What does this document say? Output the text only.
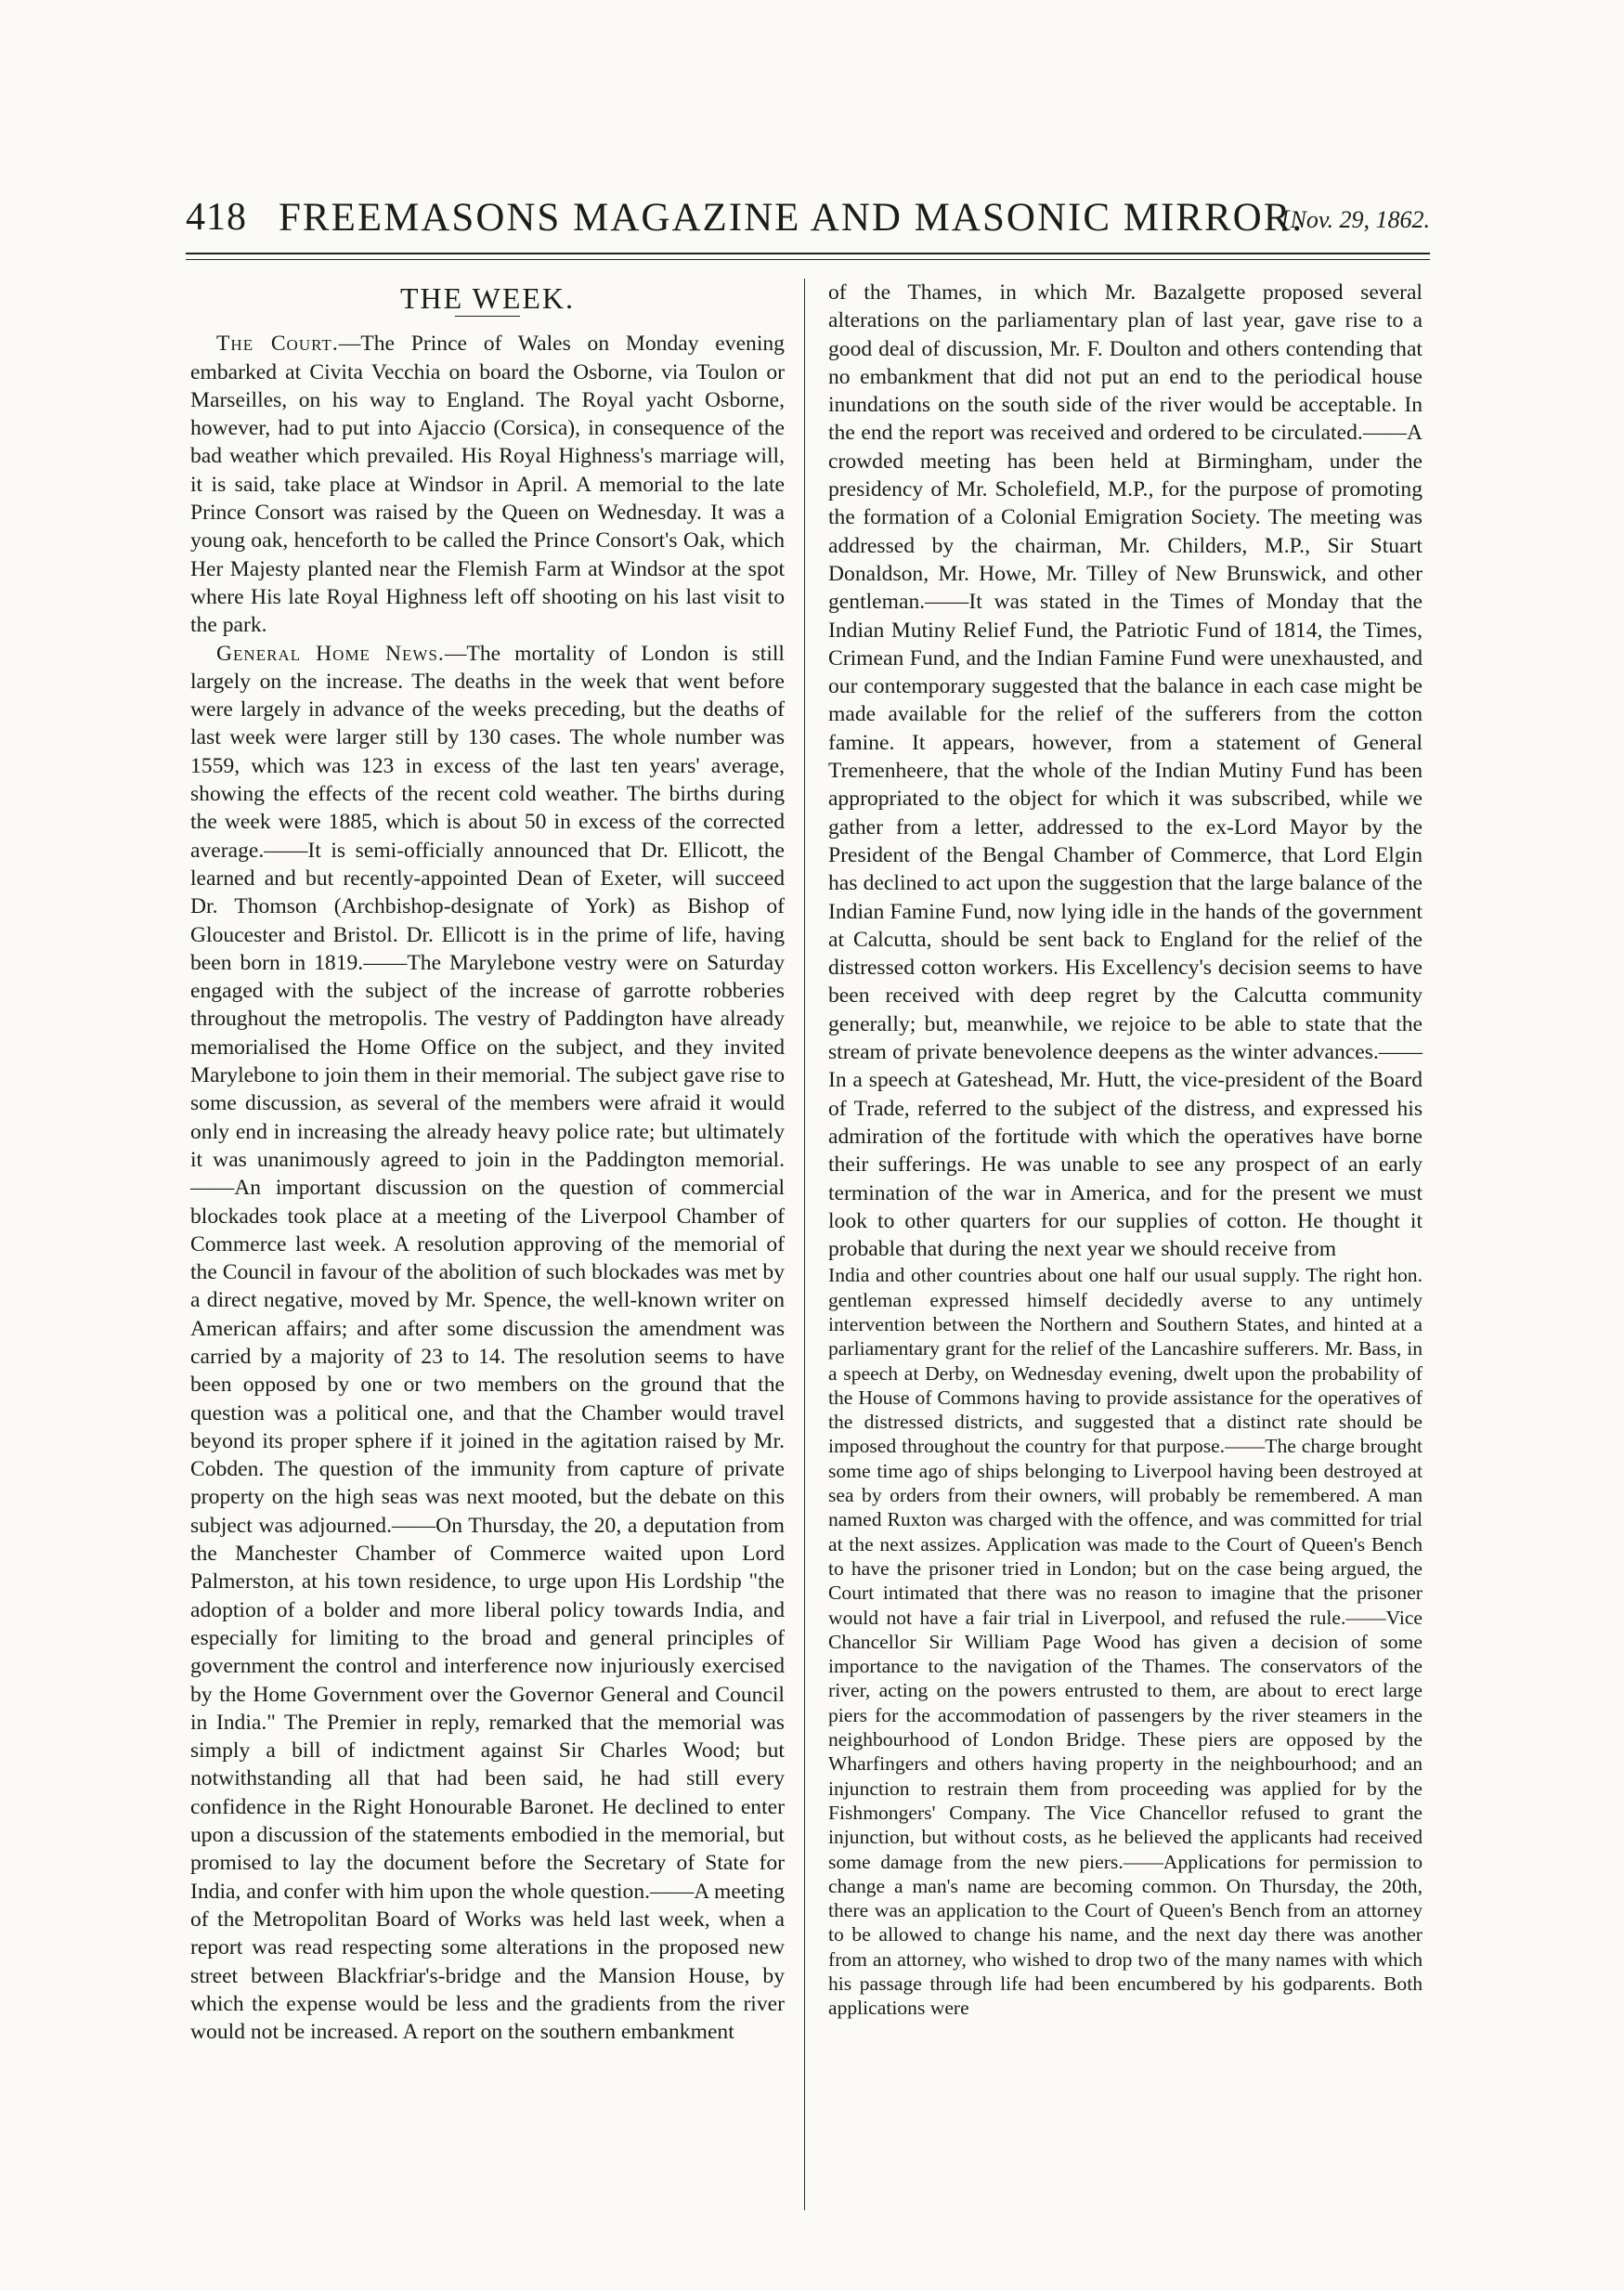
418 FREEMASONS MAGAZINE AND MASONIC MIRROR.
[Nov. 29, 1862.
THE WEEK.

The Court.—The Prince of Wales on Monday evening embarked at Civita Vecchia on board the Osborne, via Toulon or Marseilles, on his way to England. The Royal yacht Osborne, however, had to put into Ajaccio (Corsica), in consequence of the bad weather which prevailed. His Royal Highness's marriage will, it is said, take place at Windsor in April. A memorial to the late Prince Consort was raised by the Queen on Wednesday. It was a young oak, henceforth to be called the Prince Consort's Oak, which Her Majesty planted near the Flemish Farm at Windsor at the spot where His late Royal Highness left off shooting on his last visit to the park.

General Home News.—The mortality of London is still largely on the increase. The deaths in the week that went before were largely in advance of the weeks preceding, but the deaths of last week were larger still by 130 cases. The whole number was 1559, which was 123 in excess of the last ten years' average, showing the effects of the recent cold weather. The births during the week were 1885, which is about 50 in excess of the corrected average.——It is semi-officially announced that Dr. Ellicott, the learned and but recently-appointed Dean of Exeter, will succeed Dr. Thomson (Archbishop-designate of York) as Bishop of Gloucester and Bristol. Dr. Ellicott is in the prime of life, having been born in 1819.——The Marylebone vestry were on Saturday engaged with the subject of the increase of garrotte robberies throughout the metropolis. The vestry of Paddington have already memorialised the Home Office on the subject, and they invited Marylebone to join them in their memorial. The subject gave rise to some discussion, as several of the members were afraid it would only end in increasing the already heavy police rate; but ultimately it was unanimously agreed to join in the Paddington memorial.——An important discussion on the question of commercial blockades took place at a meeting of the Liverpool Chamber of Commerce last week. A resolution approving of the memorial of the Council in favour of the abolition of such blockades was met by a direct negative, moved by Mr. Spence, the well-known writer on American affairs; and after some discussion the amendment was carried by a majority of 23 to 14. The resolution seems to have been opposed by one or two members on the ground that the question was a political one, and that the Chamber would travel beyond its proper sphere if it joined in the agitation raised by Mr. Cobden. The question of the immunity from capture of private property on the high seas was next mooted, but the debate on this subject was adjourned.——On Thursday, the 20, a deputation from the Manchester Chamber of Commerce waited upon Lord Palmerston, at his town residence, to urge upon His Lordship "the adoption of a bolder and more liberal policy towards India, and especially for limiting to the broad and general principles of government the control and interference now injuriously exercised by the Home Government over the Governor General and Council in India." The Premier in reply, remarked that the memorial was simply a bill of indictment against Sir Charles Wood; but notwithstanding all that had been said, he had still every confidence in the Right Honourable Baronet. He declined to enter upon a discussion of the statements embodied in the memorial, but promised to lay the document before the Secretary of State for India, and confer with him upon the whole question.——A meeting of the Metropolitan Board of Works was held last week, when a report was read respecting some alterations in the proposed new street between Blackfriar's-bridge and the Mansion House, by which the expense would be less and the gradients from the river would not be increased. A report on the southern embankment

of the Thames, in which Mr. Bazalgette proposed several alterations on the parliamentary plan of last year, gave rise to a good deal of discussion, Mr. F. Doulton and others contending that no embankment that did not put an end to the periodical house inundations on the south side of the river would be acceptable. In the end the report was received and ordered to be circulated.——A crowded meeting has been held at Birmingham, under the presidency of Mr. Scholefield, M.P., for the purpose of promoting the formation of a Colonial Emigration Society. The meeting was addressed by the chairman, Mr. Childers, M.P., Sir Stuart Donaldson, Mr. Howe, Mr. Tilley of New Brunswick, and other gentleman.——It was stated in the Times of Monday that the Indian Mutiny Relief Fund, the Patriotic Fund of 1814, the Times, Crimean Fund, and the Indian Famine Fund were unexhausted, and our contemporary suggested that the balance in each case might be made available for the relief of the sufferers from the cotton famine. It appears, however, from a statement of General Tremenheere, that the whole of the Indian Mutiny Fund has been appropriated to the object for which it was subscribed, while we gather from a letter, addressed to the ex-Lord Mayor by the President of the Bengal Chamber of Commerce, that Lord Elgin has declined to act upon the suggestion that the large balance of the Indian Famine Fund, now lying idle in the hands of the government at Calcutta, should be sent back to England for the relief of the distressed cotton workers. His Excellency's decision seems to have been received with deep regret by the Calcutta community generally; but, meanwhile, we rejoice to be able to state that the stream of private benevolence deepens as the winter advances.——In a speech at Gateshead, Mr. Hutt, the vice-president of the Board of Trade, referred to the subject of the distress, and expressed his admiration of the fortitude with which the operatives have borne their sufferings. He was unable to see any prospect of an early termination of the war in America, and for the present we must look to other quarters for our supplies of cotton. He thought it probable that during the next year we should receive from

India and other countries about one half our usual supply. The right hon. gentleman expressed himself decidedly averse to any untimely intervention between the Northern and Southern States, and hinted at a parliamentary grant for the relief of the Lancashire sufferers. Mr. Bass, in a speech at Derby, on Wednesday evening, dwelt upon the probability of the House of Commons having to provide assistance for the operatives of the distressed districts, and suggested that a distinct rate should be imposed throughout the country for that purpose.——The charge brought some time ago of ships belonging to Liverpool having been destroyed at sea by orders from their owners, will probably be remembered. A man named Ruxton was charged with the offence, and was committed for trial at the next assizes. Application was made to the Court of Queen's Bench to have the prisoner tried in London; but on the case being argued, the Court intimated that there was no reason to imagine that the prisoner would not have a fair trial in Liverpool, and refused the rule.——Vice Chancellor Sir William Page Wood has given a decision of some importance to the navigation of the Thames. The conservators of the river, acting on the powers entrusted to them, are about to erect large piers for the accommodation of passengers by the river steamers in the neighbourhood of London Bridge. These piers are opposed by the Wharfingers and others having property in the neighbourhood; and an injunction to restrain them from proceeding was applied for by the Fishmongers' Company. The Vice Chancellor refused to grant the injunction, but without costs, as he believed the applicants had received some damage from the new piers.——Applications for permission to change a man's name are becoming common. On Thursday, the 20th, there was an application to the Court of Queen's Bench from an attorney to be allowed to change his name, and the next day there was another from an attorney, who wished to drop two of the many names with which his passage through life had been encumbered by his godparents. Both applications were
